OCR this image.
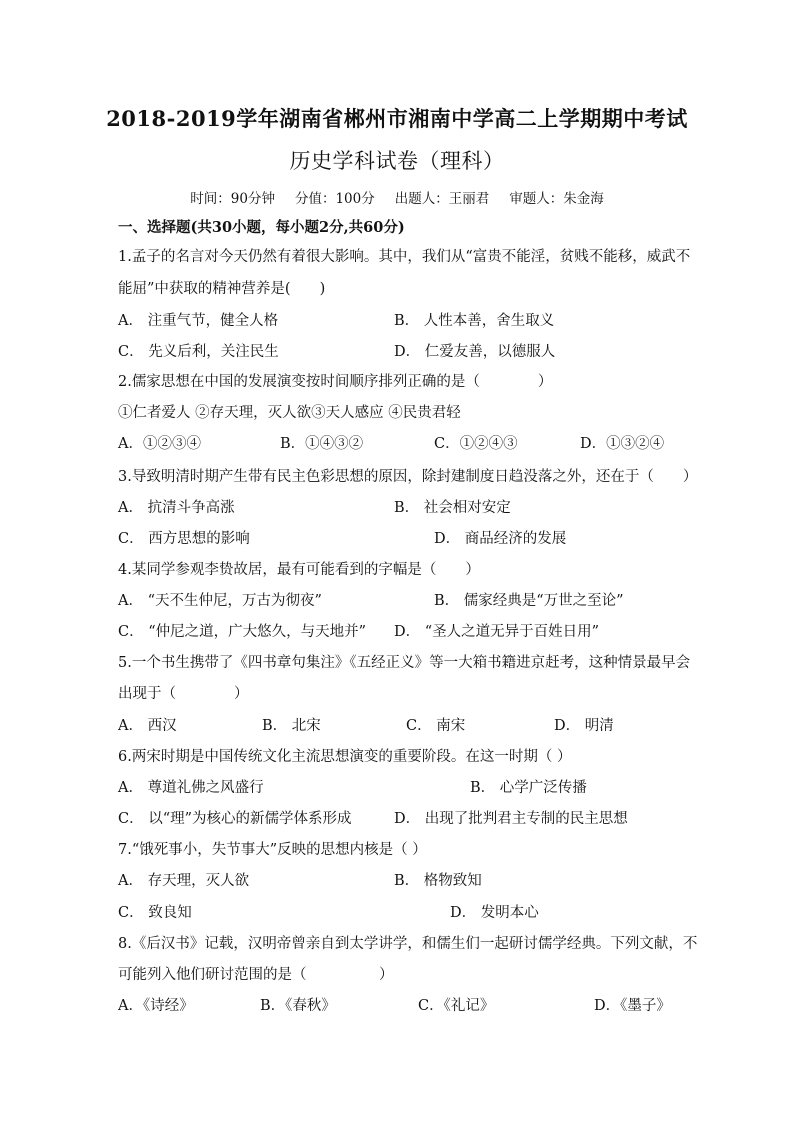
2018-2019学年湖南省郴州市湘南中学高二上学期期中考试
历史学科试卷（理科）
时间：90分钟 分值：100分 出题人：王丽君 审题人：朱金海
一、选择题(共30小题，每小题2分,共60分)
1.孟子的名言对今天仍然有着很大影响。其中，我们从“富贵不能淫，贫贱不能移，威武不
能屈”中获取的精神营养是(　　)
A． 注重气节，健全人格	B． 人性本善，舍生取义
C． 先义后利，关注民生	D． 仁爱友善，以德服人
2.儒家思想在中国的发展演变按时间顺序排列正确的是（　　　　）
①仁者爱人 ②存天理，灭人欲③天人感应 ④民贵君轻
A．①②③④	B．①④③②	C．①②④③	D．①③②④
3.导致明清时期产生带有民主色彩思想的原因，除封建制度日趋没落之外，还在于（　　）
A． 抗清斗争高涨	B． 社会相对安定
C． 西方思想的影响	D． 商品经济的发展
4.某同学参观李贽故居，最有可能看到的字幅是（　　）
A． “天不生仲尼，万古为彻夜”	B． 儒家经典是“万世之至论”
C． “仲尼之道，广大悠久，与天地并” D． “圣人之道无异于百姓日用”
5.一个书生携带了《四书章句集注》《五经正义》等一大箱书籍进京赶考，这种情景最早会
出现于（　　　　）
A． 西汉	B． 北宋	C． 南宋	D． 明清
6.两宋时期是中国传统文化主流思想演变的重要阶段。在这一时期（ ）
A． 尊道礼佛之风盛行	B． 心学广泛传播
C． 以“理”为核心的新儒学体系形成	D． 出现了批判君主专制的民主思想
7.“饿死事小，失节事大”反映的思想内核是（ ）
A． 存天理，灭人欲	B． 格物致知
C． 致良知	D． 发明本心
8.《后汉书》记载，汉明帝曾亲自到太学讲学，和儒生们一起研讨儒学经典。下列文献，不
可能列入他们研讨范围的是（　　　　　）
A．《诗经》	B．《春秋》	C．《礼记》	D．《墨子》
